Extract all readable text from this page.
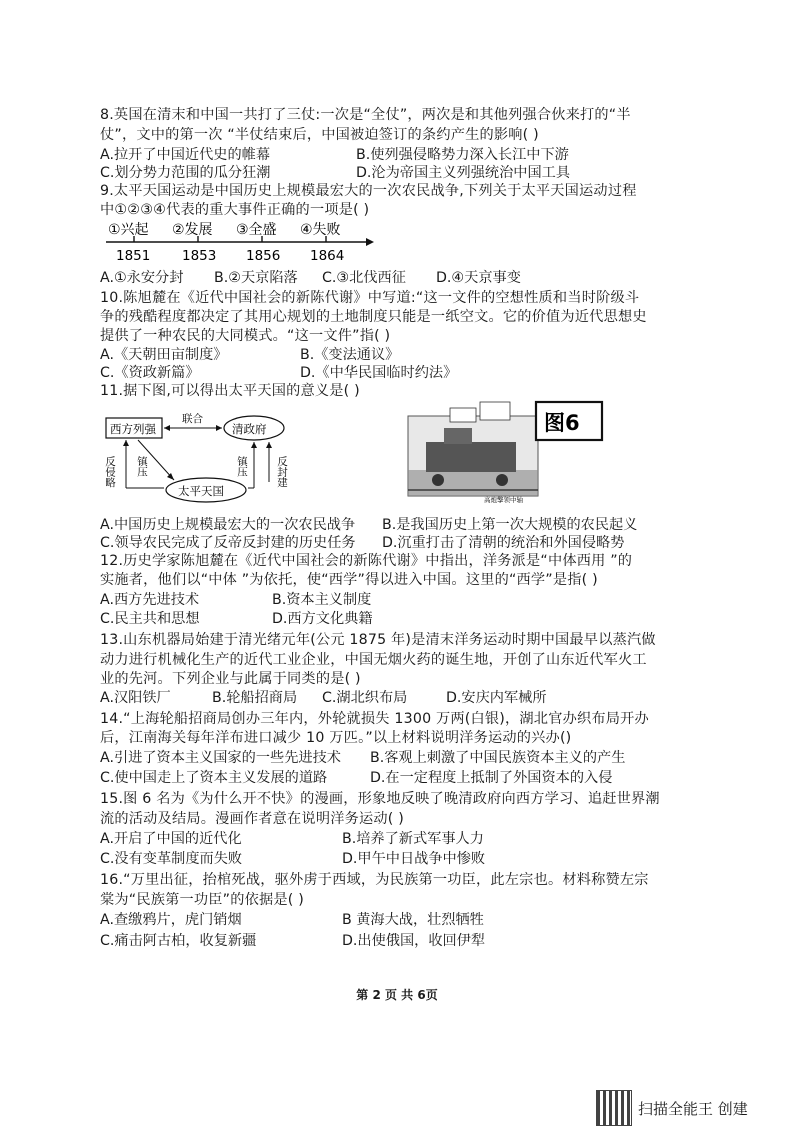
8.英国在清末和中国一共打了三仗:一次是“全仗”，两次是和其他列强合伙来打的“半
仗”，文中的第一次 “半仗结束后，中国被迫签订的条约产生的影响( )
A.拉开了中国近代史的帷幕	B.使列强侵略势力深入长江中下游
C.划分势力范围的瓜分狂潮	D.沦为帝国主义列强统治中国工具
9.太平天国运动是中国历史上规模最宏大的一次农民战争,下列关于太平天国运动过程
中①②③④代表的重大事件正确的一项是( )
①兴起 ②发展 ③全盛 ④失败
1851 1853 1856 1864
A.①永安分封 B.②天京陷落 C.③北伐西征 D.④天京事变
10.陈旭麓在《近代中国社会的新陈代谢》中写道:“这一文件的空想性质和当时阶级斗
争的残酷程度都决定了其用心规划的土地制度只能是一纸空文。它的价值为近代思想史
提供了一种农民的大同模式。“这一文件”指( )
A.《天朝田亩制度》	B.《变法通议》
C.《资政新篇》	D.《中华民国临时约法》
11.据下图,可以得出太平天国的意义是( )
西方列强	清政府
联合
太平天国
反侵略 镇压	镇压	反封建
高炮擎领中轴
图6
A.中国历史上规模最宏大的一次农民战争 B.是我国历史上第一次大规模的农民起义
C.领导农民完成了反帝反封建的历史任务 D.沉重打击了清朝的统治和外国侵略势
12.历史学家陈旭麓在《近代中国社会的新陈代谢》中指出，洋务派是“中体西用 ”的
实施者，他们以“中体 ”为依托，使“西学”得以进入中国。这里的“西学”是指( )
A.西方先进技术	B.资本主义制度
C.民主共和思想	D.西方文化典籍
13.山东机器局始建于清光绪元年(公元 1875 年)是清末洋务运动时期中国最早以蒸汽做
动力进行机械化生产的近代工业企业，中国无烟火药的诞生地，开创了山东近代军火工
业的先河。下列企业与此属于同类的是( )
A.汉阳铁厂	B.轮船招商局 C.湖北织布局	D.安庆内军械所
14.“上海轮船招商局创办三年内，外轮就损失 1300 万两(白银)，湖北官办织布局开办
后，江南海关每年洋布进口减少 10 万匹。”以上材料说明洋务运动的兴办()
A.引进了资本主义国家的一些先进技术 B.客观上刺激了中国民族资本主义的产生
C.使中国走上了资本主义发展的道路	D.在一定程度上抵制了外国资本的入侵
15.图 6 名为《为什么开不快》的漫画，形象地反映了晚清政府向西方学习、追赶世界潮
流的活动及结局。漫画作者意在说明洋务运动( )
A.开启了中国的近代化	B.培养了新式军事人力
C.没有变革制度而失败	D.甲午中日战争中惨败
16.“万里出征，抬棺死战，驱外虏于西域，为民族第一功臣，此左宗也。材料称赞左宗
棠为“民族第一功臣”的依据是( )
A.查缴鸦片，虎门销烟	B 黄海大战，壮烈牺牲
C.痛击阿古柏，收复新疆	D.出使俄国，收回伊犁
第 2 页 共 6页
扫描全能王 创建
